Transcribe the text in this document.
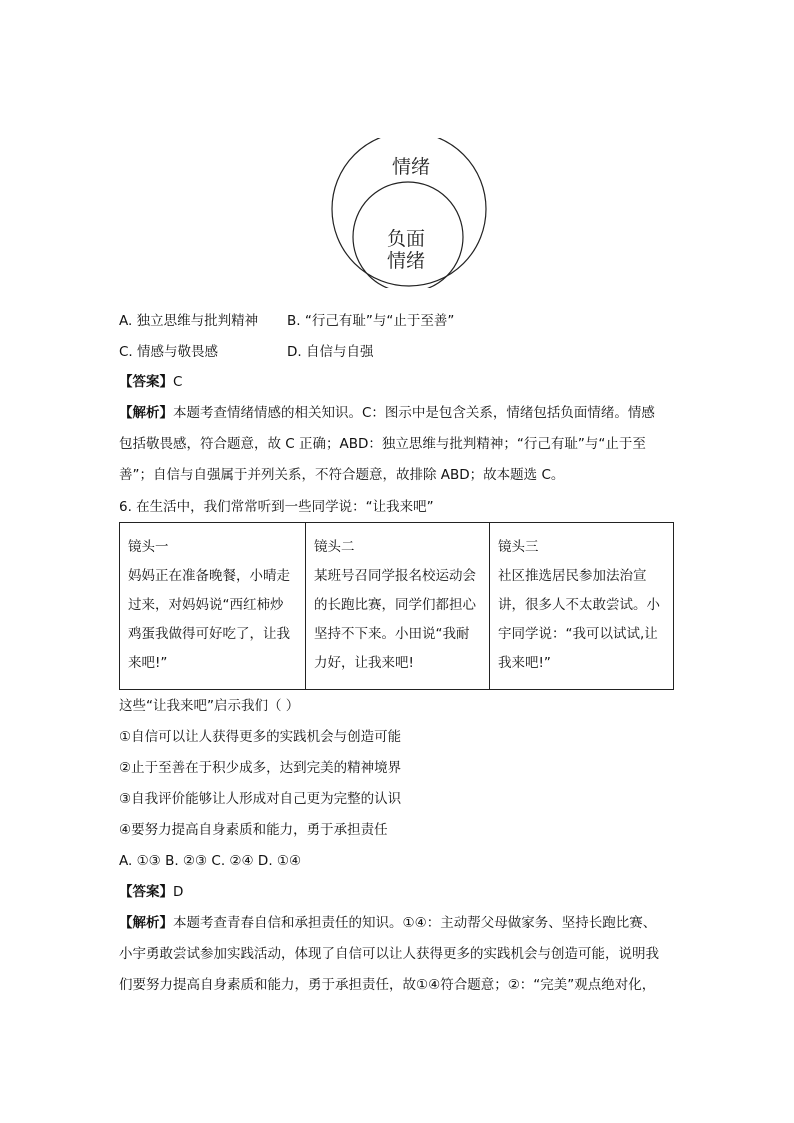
情绪
负面
情绪
A. 独立思维与批判精神 B. “行己有耻”与“止于至善”
C. 情感与敬畏感	D. 自信与自强
【答案】C
【解析】本题考查情绪情感的相关知识。C：图示中是包含关系，情绪包括负面情绪。情感
包括敬畏感，符合题意，故 C 正确；ABD：独立思维与批判精神；“行己有耻”与“止于至
善”；自信与自强属于并列关系，不符合题意，故排除 ABD；故本题选 C。
6. 在生活中，我们常常听到一些同学说：“让我来吧”
镜头一
妈妈正在准备晚餐，小晴走
过来，对妈妈说“西红柿炒
鸡蛋我做得可好吃了，让我
来吧!”

镜头二
某班号召同学报名校运动会
的长跑比赛，同学们都担心
坚持不下来。小田说“我耐
力好，让我来吧!

镜头三
社区推选居民参加法治宣
讲，很多人不太敢尝试。小
宇同学说：“我可以试试,让
我来吧!”
这些“让我来吧”启示我们（ ）
①自信可以让人获得更多的实践机会与创造可能
②止于至善在于积少成多，达到完美的精神境界
③自我评价能够让人形成对自己更为完整的认识
④要努力提高自身素质和能力，勇于承担责任
A. ①③ B. ②③ C. ②④ D. ①④
【答案】D
【解析】本题考查青春自信和承担责任的知识。①④：主动帮父母做家务、坚持长跑比赛、
小宇勇敢尝试参加实践活动，体现了自信可以让人获得更多的实践机会与创造可能，说明我
们要努力提高自身素质和能力，勇于承担责任，故①④符合题意；②：“完美”观点绝对化，
